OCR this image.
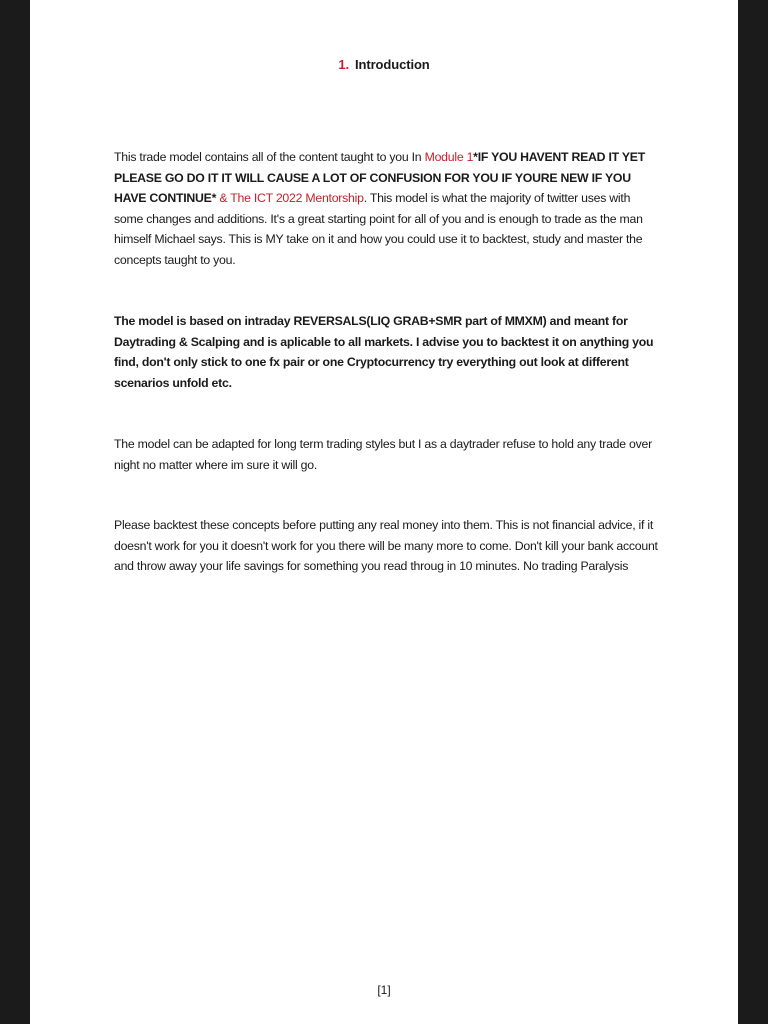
1. Introduction
This trade model contains all of the content taught to you In Module 1*IF YOU HAVENT READ IT YET PLEASE GO DO IT IT WILL CAUSE A LOT OF CONFUSION FOR YOU IF YOURE NEW IF YOU HAVE CONTINUE* & The ICT 2022 Mentorship. This model is what the majority of twitter uses with some changes and additions. It's a great starting point for all of you and is enough to trade as the man himself Michael says. This is MY take on it and how you could use it to backtest, study and master the concepts taught to you.
The model is based on intraday REVERSALS(LIQ GRAB+SMR part of MMXM) and meant for Daytrading & Scalping and is aplicable to all markets. I advise you to backtest it on anything you find, don't only stick to one fx pair or one Cryptocurrency try everything out look at different scenarios unfold etc.
The model can be adapted for long term trading styles but I as a daytrader refuse to hold any trade over night no matter where im sure it will go.
Please backtest these concepts before putting any real money into them. This is not financial advice, if it doesn't work for you it doesn't work for you there will be many more to come. Don't kill your bank account and throw away your life savings for something you read throug in 10 minutes. No trading Paralysis
[1]
